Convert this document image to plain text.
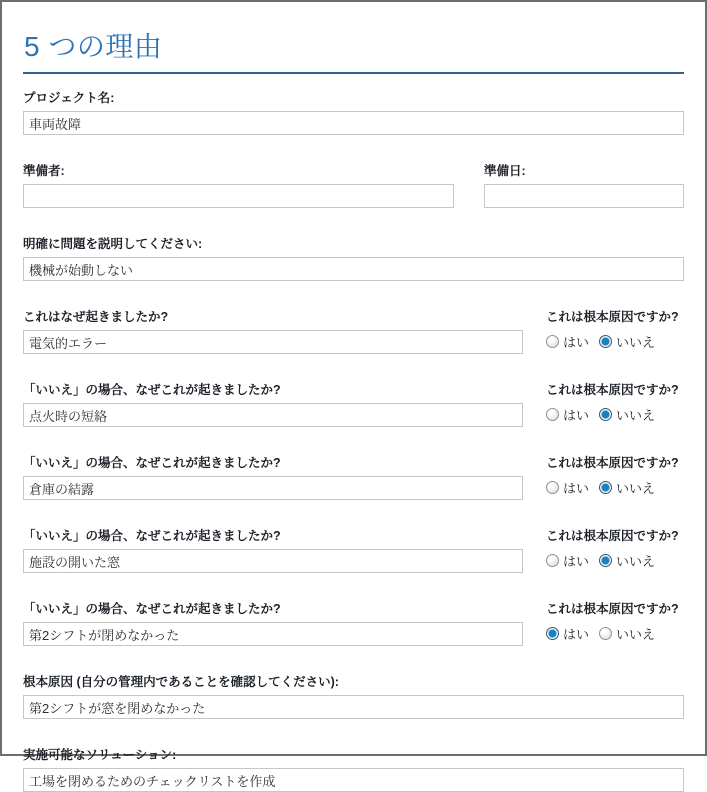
5 つの理由
プロジェクト名:
車両故障
準備者:	準備日:
明確に問題を説明してください:
機械が始動しない
これはなぜ起きましたか?
電気的エラー	これは根本原因ですか?
はい いいえ
「いいえ」の場合、なぜこれが起きましたか?
点火時の短絡	これは根本原因ですか?
はい いいえ
「いいえ」の場合、なぜこれが起きましたか?
倉庫の結露	これは根本原因ですか?
はい いいえ
「いいえ」の場合、なぜこれが起きましたか?
施設の開いた窓	これは根本原因ですか?
はい いいえ
「いいえ」の場合、なぜこれが起きましたか?
第2シフトが閉めなかった	これは根本原因ですか?
はい いいえ
根本原因 (自分の管理内であることを確認してください):
第2シフトが窓を閉めなかった
実施可能なソリューション:
工場を閉めるためのチェックリストを作成
